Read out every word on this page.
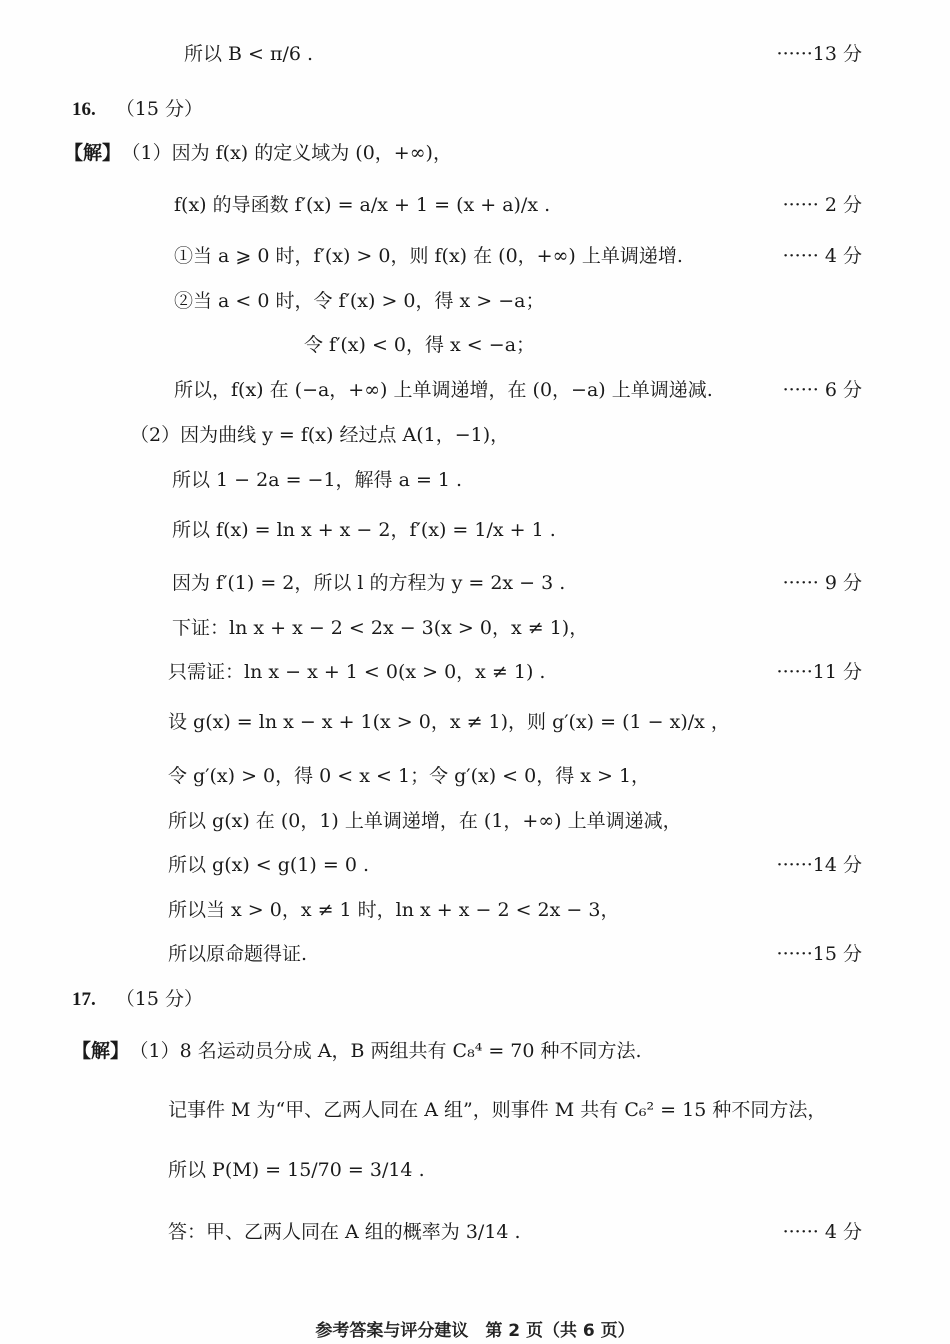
所以 B < π/6 .	······13 分
16. （15 分）
【解】 （1）因为 f(x) 的定义域为 (0，+∞)，
f(x) 的导函数 f′(x) = a/x + 1 = (x + a)/x .	······ 2 分
①当 a ⩾ 0 时，f′(x) > 0，则 f(x) 在 (0，+∞) 上单调递增.	······ 4 分
②当 a < 0 时，令 f′(x) > 0，得 x > −a；
令 f′(x) < 0，得 x < −a；
所以，f(x) 在 (−a，+∞) 上单调递增，在 (0，−a) 上单调递减.	······ 6 分
（2）因为曲线 y = f(x) 经过点 A(1，−1)，
所以 1 − 2a = −1，解得 a = 1 .
所以 f(x) = ln x + x − 2，f′(x) = 1/x + 1 .
因为 f′(1) = 2，所以 l 的方程为 y = 2x − 3 .	······ 9 分
下证：ln x + x − 2 < 2x − 3(x > 0，x ≠ 1)，
只需证：ln x − x + 1 < 0(x > 0，x ≠ 1) .	······11 分
设 g(x) = ln x − x + 1(x > 0，x ≠ 1)，则 g′(x) = (1 − x)/x ，
令 g′(x) > 0，得 0 < x < 1；令 g′(x) < 0，得 x > 1，
所以 g(x) 在 (0，1) 上单调递增，在 (1，+∞) 上单调递减，
所以 g(x) < g(1) = 0 .	······14 分
所以当 x > 0，x ≠ 1 时，ln x + x − 2 < 2x − 3，
所以原命题得证.	······15 分
17. （15 分）
【解】 （1）8 名运动员分成 A，B 两组共有 C₈⁴ = 70 种不同方法.
记事件 M 为“甲、乙两人同在 A 组”，则事件 M 共有 C₆² = 15 种不同方法，
所以 P(M) = 15/70 = 3/14 .
答：甲、乙两人同在 A 组的概率为 3/14 .	······ 4 分
参考答案与评分建议　第 2 页（共 6 页）
